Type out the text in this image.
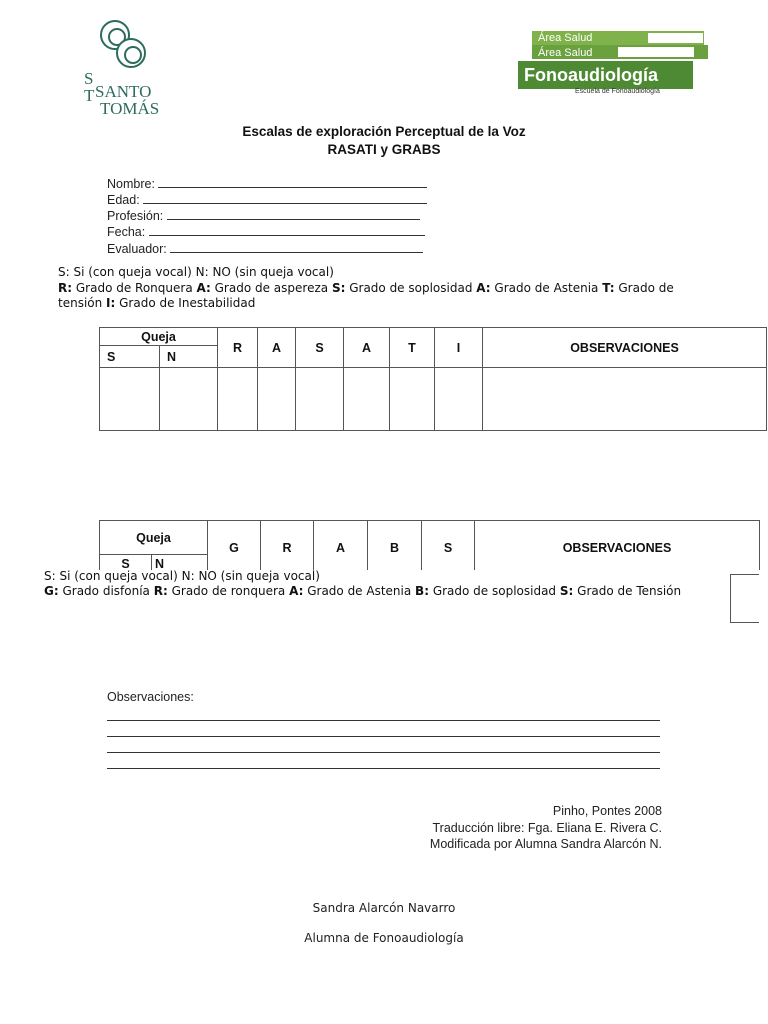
S
T SANTO
TOMÁS
Área Salud
Área Salud
Fonoaudiología
Escuela de Fonoaudiología
Escalas de exploración Perceptual de la Voz
RASATI y GRABS
Nombre:
Edad:
Profesión:
Fecha:
Evaluador:
S: Si (con queja vocal) N: NO (sin queja vocal)
R: Grado de Ronquera A: Grado de aspereza S: Grado de soplosidad A: Grado de Astenia T: Grado de
tensión I: Grado de Inestabilidad
Queja		R	A	S	A	T	I	OBSERVACIONES
S	N							

Queja		G	R	A	B	S	OBSERVACIONES
S	N						
S: Si (con queja vocal) N: NO (sin queja vocal)
G: Grado disfonía R: Grado de ronquera A: Grado de Astenia B: Grado de soplosidad S: Grado de Tensión
Observaciones:
Pinho, Pontes 2008
Traducción libre: Fga. Eliana E. Rivera C.
Modificada por Alumna Sandra Alarcón N.
Sandra Alarcón Navarro
Alumna de Fonoaudiología
